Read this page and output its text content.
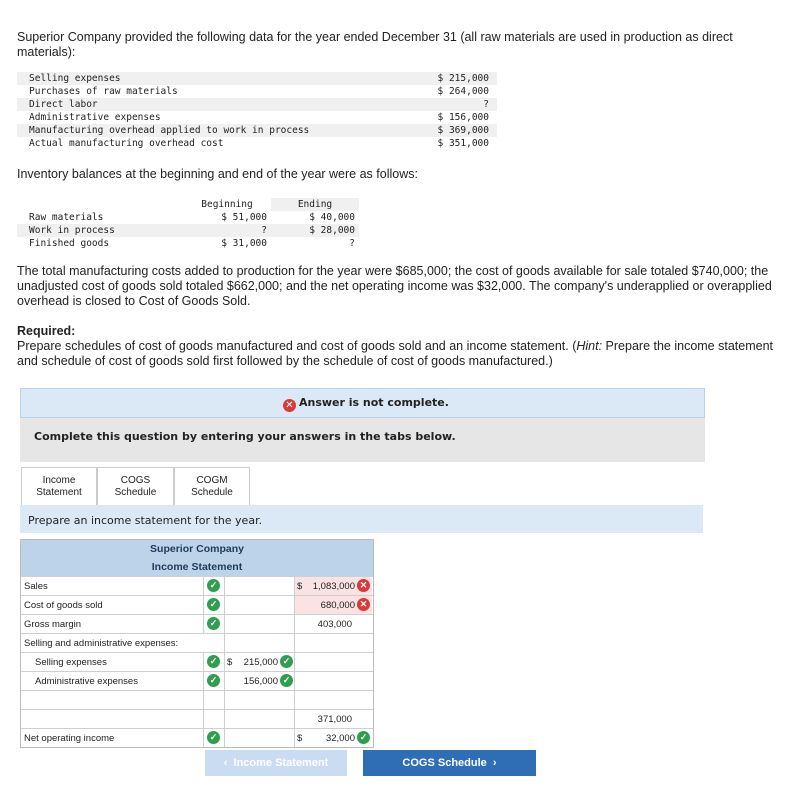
Superior Company provided the following data for the year ended December 31 (all raw materials are used in production as direct materials):
Selling expenses	$ 215,000
Purchases of raw materials	$ 264,000
Direct labor	?
Administrative expenses	$ 156,000
Manufacturing overhead applied to work in process	$ 369,000
Actual manufacturing overhead cost	$ 351,000
Inventory balances at the beginning and end of the year were as follows:
	Beginning	Ending
Raw materials	$ 51,000	$ 40,000
Work in process	?	$ 28,000
Finished goods	$ 31,000	?
The total manufacturing costs added to production for the year were $685,000; the cost of goods available for sale totaled $740,000; the unadjusted cost of goods sold totaled $662,000; and the net operating income was $32,000. The company's underapplied or overapplied overhead is closed to Cost of Goods Sold.
Required:
Prepare schedules of cost of goods manufactured and cost of goods sold and an income statement. (Hint: Prepare the income statement and schedule of cost of goods sold first followed by the schedule of cost of goods manufactured.)
✕ Answer is not complete.
Complete this question by entering your answers in the tabs below.
Income
Statement
COGS
Schedule
COGM
Schedule
Prepare an income statement for the year.
Superior Company
Income Statement
Sales	✓	$ 1,083,000 ✕
Cost of goods sold	✓	680,000 ✕
Gross margin	✓	403,000
Selling and administrative expenses:
Selling expenses	✓ $ 215,000 ✓
Administrative expenses	✓	156,000 ✓
371,000
Net operating income	✓	$ 32,000 ✓
‹ Income Statement	COGS Schedule ›
